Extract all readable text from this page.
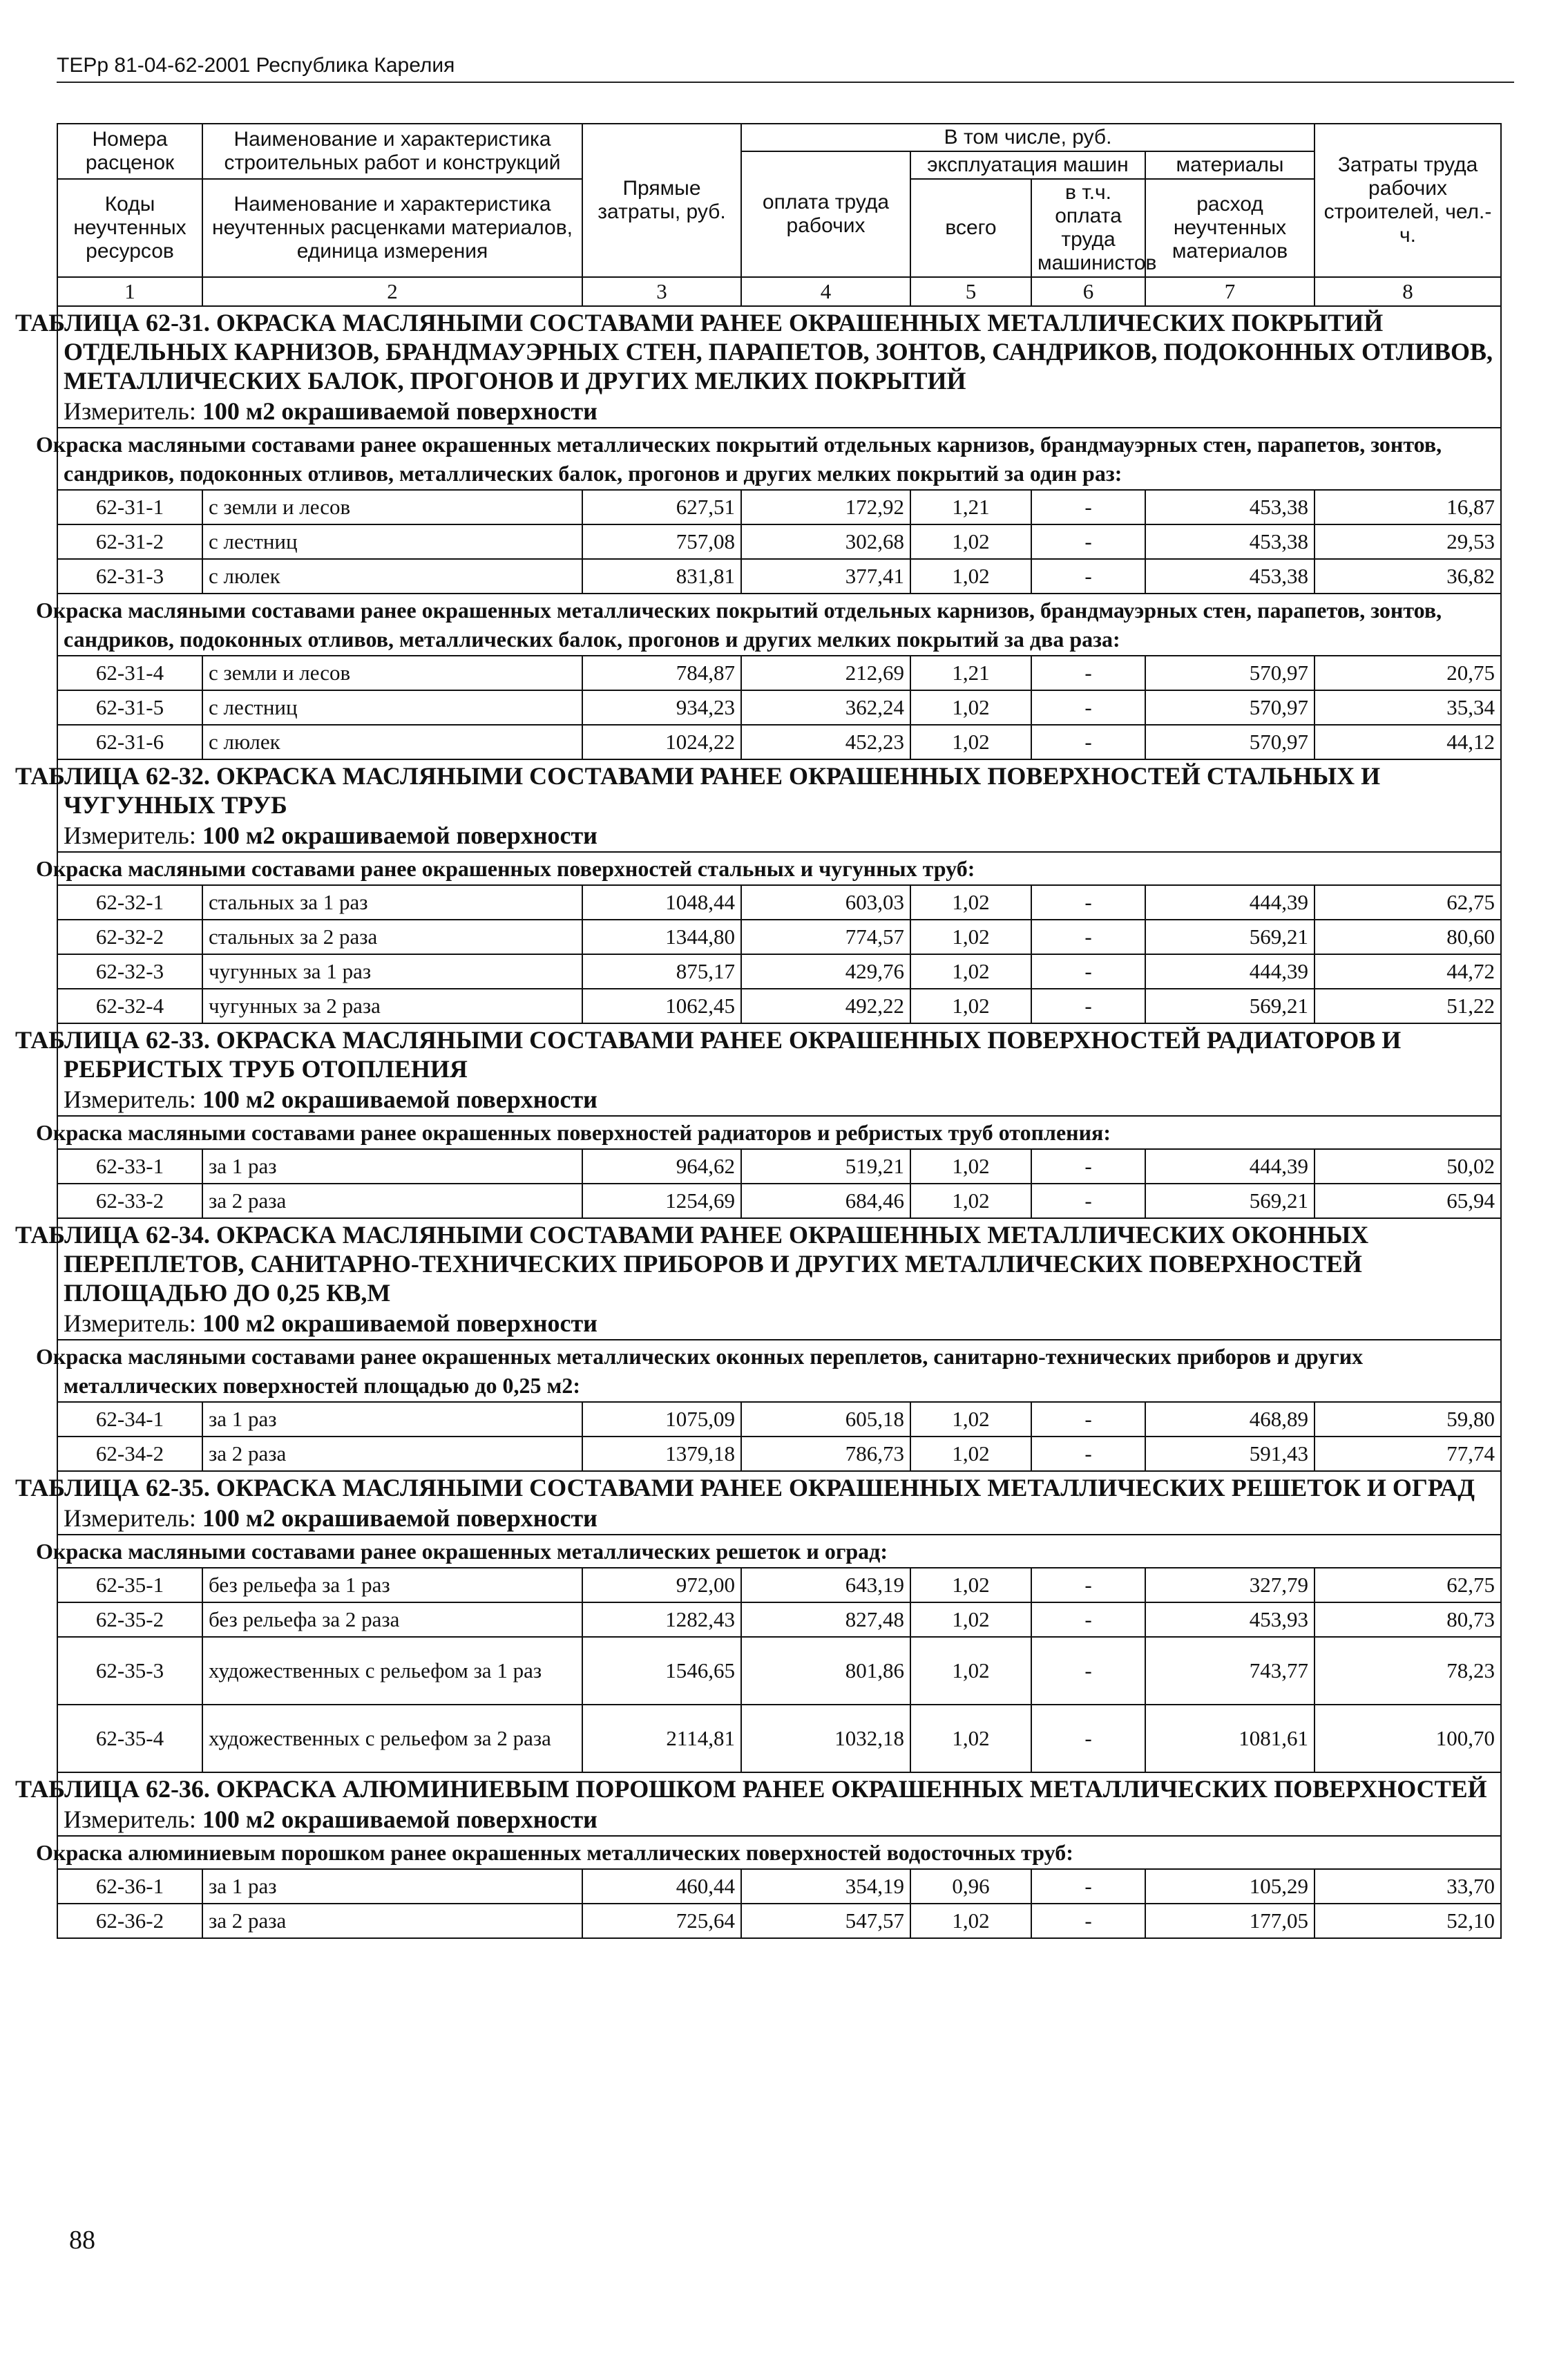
ТЕРр 81-04-62-2001 Республика Карелия
Номера расценок	Наименование и характеристика строительных работ и конструкций	Прямые затраты, руб.	В том числе, руб.				Затраты труда рабочих строителей, чел.-ч.
			оплата труда рабочих	эксплуатация машин		материалы	
Коды неучтенных ресурсов	Наименование и характеристика неучтенных расценками материалов, единица измерения			всего	в т.ч. оплата труда машинистов	расход неучтенных материалов	

1	2	3	4	5	6	7	8

ТАБЛИЦА 62-31. ОКРАСКА МАСЛЯНЫМИ СОСТАВАМИ РАНЕЕ ОКРАШЕННЫХ МЕТАЛЛИЧЕСКИХ ПОКРЫТИЙ ОТДЕЛЬНЫХ КАРНИЗОВ, БРАНДМАУЭРНЫХ СТЕН, ПАРАПЕТОВ, ЗОНТОВ, САНДРИКОВ, ПОДОКОННЫХ ОТЛИВОВ, МЕТАЛЛИЧЕСКИХ БАЛОК, ПРОГОНОВ И ДРУГИХ МЕЛКИХ ПОКРЫТИЙ
Измеритель: 100 м2 окрашиваемой поверхности							

Окраска масляными составами ранее окрашенных металлических покрытий отдельных карнизов, брандмауэрных стен, парапетов, зонтов, сандриков, подоконных отливов, металлических балок, прогонов и других мелких покрытий за один раз:							

62-31-1	с земли и лесов	627,51	172,92	1,21	-	453,38	16,87
62-31-2	с лестниц	757,08	302,68	1,02	-	453,38	29,53
62-31-3	с люлек	831,81	377,41	1,02	-	453,38	36,82

Окраска масляными составами ранее окрашенных металлических покрытий отдельных карнизов, брандмауэрных стен, парапетов, зонтов, сандриков, подоконных отливов, металлических балок, прогонов и других мелких покрытий за два раза:							

62-31-4	с земли и лесов	784,87	212,69	1,21	-	570,97	20,75
62-31-5	с лестниц	934,23	362,24	1,02	-	570,97	35,34
62-31-6	с люлек	1024,22	452,23	1,02	-	570,97	44,12

ТАБЛИЦА 62-32. ОКРАСКА МАСЛЯНЫМИ СОСТАВАМИ РАНЕЕ ОКРАШЕННЫХ ПОВЕРХНОСТЕЙ СТАЛЬНЫХ И ЧУГУННЫХ ТРУБ
Измеритель: 100 м2 окрашиваемой поверхности							

Окраска масляными составами ранее окрашенных поверхностей стальных и чугунных труб:							

62-32-1	стальных за 1 раз	1048,44	603,03	1,02	-	444,39	62,75
62-32-2	стальных за 2 раза	1344,80	774,57	1,02	-	569,21	80,60
62-32-3	чугунных за 1 раз	875,17	429,76	1,02	-	444,39	44,72
62-32-4	чугунных за 2 раза	1062,45	492,22	1,02	-	569,21	51,22

ТАБЛИЦА 62-33. ОКРАСКА МАСЛЯНЫМИ СОСТАВАМИ РАНЕЕ ОКРАШЕННЫХ ПОВЕРХНОСТЕЙ РАДИАТОРОВ И РЕБРИСТЫХ ТРУБ ОТОПЛЕНИЯ
Измеритель: 100 м2 окрашиваемой поверхности							

Окраска масляными составами ранее окрашенных поверхностей радиаторов и ребристых труб отопления:							

62-33-1	за 1 раз	964,62	519,21	1,02	-	444,39	50,02
62-33-2	за 2 раза	1254,69	684,46	1,02	-	569,21	65,94

ТАБЛИЦА 62-34. ОКРАСКА МАСЛЯНЫМИ СОСТАВАМИ РАНЕЕ ОКРАШЕННЫХ МЕТАЛЛИЧЕСКИХ ОКОННЫХ ПЕРЕПЛЕТОВ, САНИТАРНО-ТЕХНИЧЕСКИХ ПРИБОРОВ И ДРУГИХ МЕТАЛЛИЧЕСКИХ ПОВЕРХНОСТЕЙ ПЛОЩАДЬЮ ДО 0,25 КВ,М
Измеритель: 100 м2 окрашиваемой поверхности							

Окраска масляными составами ранее окрашенных металлических оконных переплетов, санитарно-технических приборов и других металлических поверхностей площадью до 0,25 м2:							

62-34-1	за 1 раз	1075,09	605,18	1,02	-	468,89	59,80
62-34-2	за 2 раза	1379,18	786,73	1,02	-	591,43	77,74

ТАБЛИЦА 62-35. ОКРАСКА МАСЛЯНЫМИ СОСТАВАМИ РАНЕЕ ОКРАШЕННЫХ МЕТАЛЛИЧЕСКИХ РЕШЕТОК И ОГРАД
Измеритель: 100 м2 окрашиваемой поверхности							

Окраска масляными составами ранее окрашенных металлических решеток и оград:							

62-35-1	без рельефа за 1 раз	972,00	643,19	1,02	-	327,79	62,75
62-35-2	без рельефа за 2 раза	1282,43	827,48	1,02	-	453,93	80,73
62-35-3	художественных с рельефом за 1 раз	1546,65	801,86	1,02	-	743,77	78,23
62-35-4	художественных с рельефом за 2 раза	2114,81	1032,18	1,02	-	1081,61	100,70

ТАБЛИЦА 62-36. ОКРАСКА АЛЮМИНИЕВЫМ ПОРОШКОМ РАНЕЕ ОКРАШЕННЫХ МЕТАЛЛИЧЕСКИХ ПОВЕРХНОСТЕЙ
Измеритель: 100 м2 окрашиваемой поверхности							

Окраска алюминиевым порошком ранее окрашенных металлических поверхностей водосточных труб:							

62-36-1	за 1 раз	460,44	354,19	0,96	-	105,29	33,70
62-36-2	за 2 раза	725,64	547,57	1,02	-	177,05	52,10
88
